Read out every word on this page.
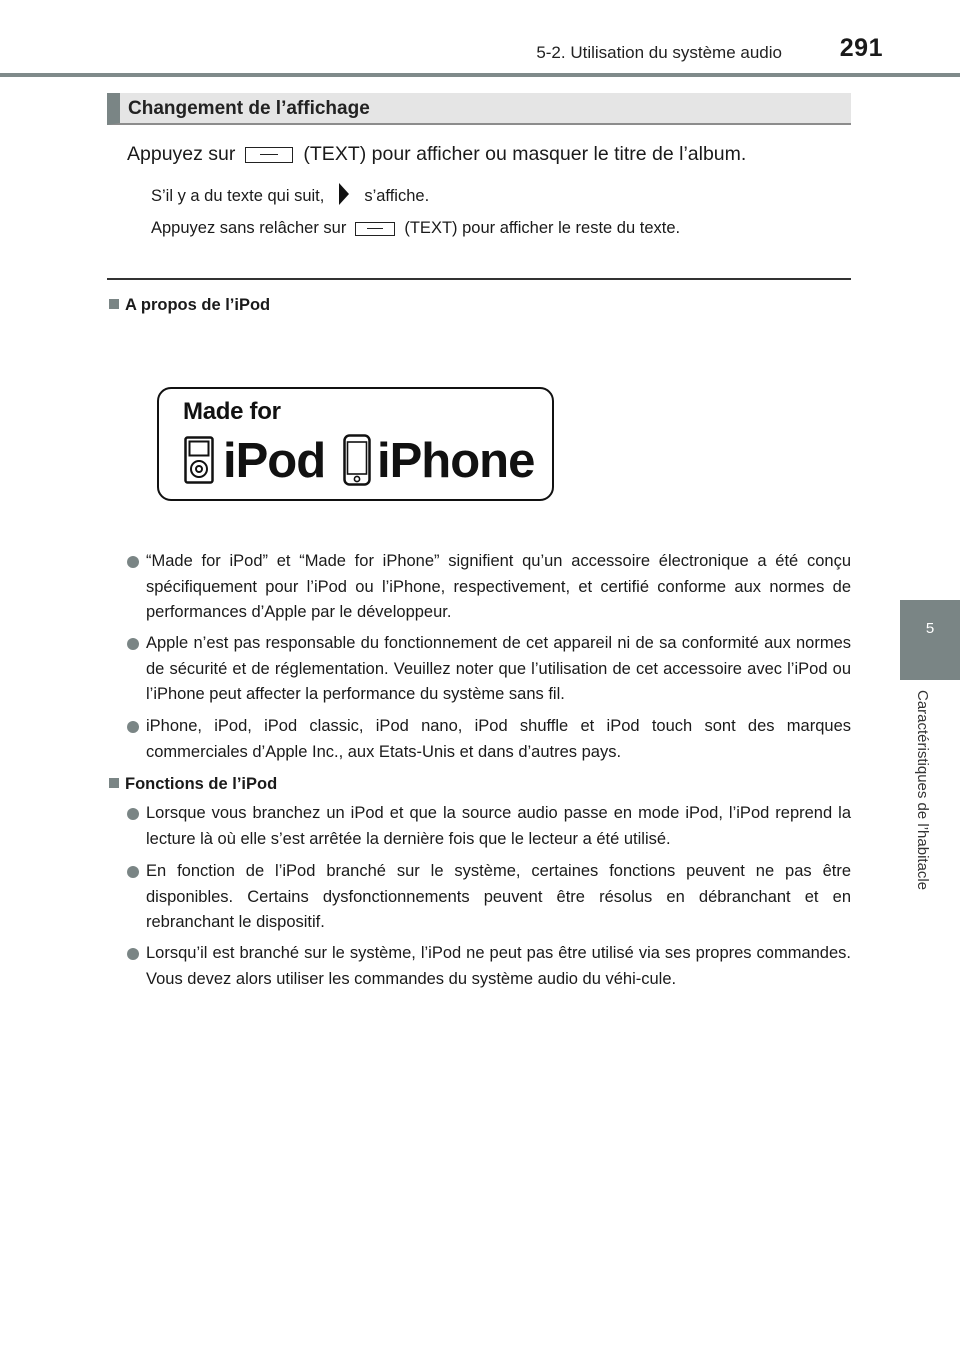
5-2. Utilisation du système audio 291
5
Caractéristiques de l’habitacle
Changement de l’affichage
Appuyez sur	(TEXT) pour afficher ou masquer le titre de l’album.
S’il y a du texte qui suit, s’affiche.
Appuyez sans relâcher sur	(TEXT) pour afficher le reste du texte.
A propos de l’iPod
Made for
iPod iPhone
“Made for iPod” et “Made for iPhone” signifient qu’un accessoire électronique a été conçu spécifiquement pour l’iPod ou l’iPhone, respectivement, et certifié conforme aux normes de performances d’Apple par le développeur.
Apple n’est pas responsable du fonctionnement de cet appareil ni de sa conformité aux normes de sécurité et de réglementation. Veuillez noter que l’utilisation de cet accessoire avec l’iPod ou l’iPhone peut affecter la performance du système sans fil.
iPhone, iPod, iPod classic, iPod nano, iPod shuffle et iPod touch sont des marques commerciales d’Apple Inc., aux Etats-Unis et dans d’autres pays.
Fonctions de l’iPod
Lorsque vous branchez un iPod et que la source audio passe en mode iPod, l’iPod reprend la lecture là où elle s’est arrêtée la dernière fois que le lecteur a été utilisé.
En fonction de l’iPod branché sur le système, certaines fonctions peuvent ne pas être disponibles. Certains dysfonctionnements peuvent être résolus en débranchant et en rebranchant le dispositif.
Lorsqu’il est branché sur le système, l’iPod ne peut pas être utilisé via ses propres commandes. Vous devez alors utiliser les commandes du système audio du véhi-cule.
